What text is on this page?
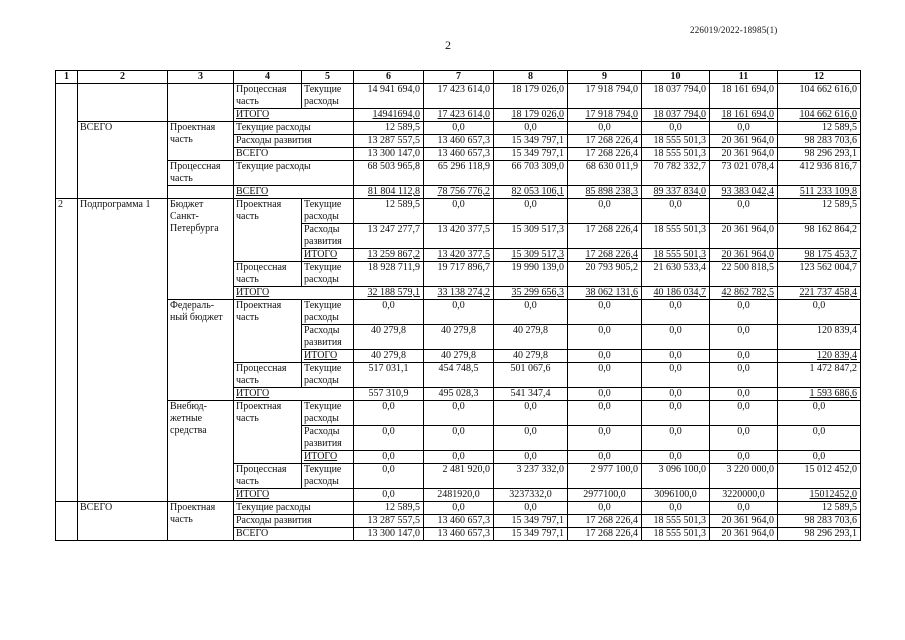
226019/2022-18985(1)
2
1	2	3	4	5	6	7	8	9	10	11	12
			Процессная часть	Текущие расходы	14 941 694,0	17 423 614,0	18 179 026,0	17 918 794,0	18 037 794,0	18 161 694,0	104 662 616,0
			ИТОГО		14941694,0	17 423 614,0	18 179 026,0	17 918 794,0	18 037 794,0	18 161 694,0	104 662 616,0
	ВСЕГО	Проектная часть	Текущие расходы		12 589,5	0,0	0,0	0,0	0,0	0,0	12 589,5
			Расходы развития		13 287 557,5	13 460 657,3	15 349 797,1	17 268 226,4	18 555 501,3	20 361 964,0	98 283 703,6
			ВСЕГО		13 300 147,0	13 460 657,3	15 349 797,1	17 268 226,4	18 555 501,3	20 361 964,0	98 296 293,1
		Процессная часть	Текущие расходы		68 503 965,8	65 296 118,9	66 703 309,0	68 630 011,9	70 782 332,7	73 021 078,4	412 936 816,7
			ВСЕГО		81 804 112,8	78 756 776,2	82 053 106,1	85 898 238,3	89 337 834,0	93 383 042,4	511 233 109,8
2	Подпрограмма 1	Бюджет Санкт-Петербурга	Проектная часть	Текущие расходы	12 589,5	0,0	0,0	0,0	0,0	0,0	12 589,5
				Расходы развития	13 247 277,7	13 420 377,5	15 309 517,3	17 268 226,4	18 555 501,3	20 361 964,0	98 162 864,2
				ИТОГО	13 259 867,2	13 420 377,5	15 309 517,3	17 268 226,4	18 555 501,3	20 361 964,0	98 175 453,7
			Процессная часть	Текущие расходы	18 928 711,9	19 717 896,7	19 990 139,0	20 793 905,2	21 630 533,4	22 500 818,5	123 562 004,7
			ИТОГО		32 188 579,1	33 138 274,2	35 299 656,3	38 062 131,6	40 186 034,7	42 862 782,5	221 737 458,4
		Федераль-ный бюджет	Проектная часть	Текущие расходы	0,0	0,0	0,0	0,0	0,0	0,0	0,0
				Расходы развития	40 279,8	40 279,8	40 279,8	0,0	0,0	0,0	120 839,4
				ИТОГО	40 279,8	40 279,8	40 279,8	0,0	0,0	0,0	120 839,4
			Процессная часть	Текущие расходы	517 031,1	454 748,5	501 067,6	0,0	0,0	0,0	1 472 847,2
			ИТОГО		557 310,9	495 028,3	541 347,4	0,0	0,0	0,0	1 593 686,6
		Внебюд-жетные средства	Проектная часть	Текущие расходы	0,0	0,0	0,0	0,0	0,0	0,0	0,0
				Расходы развития	0,0	0,0	0,0	0,0	0,0	0,0	0,0
				ИТОГО	0,0	0,0	0,0	0,0	0,0	0,0	0,0
			Процессная часть	Текущие расходы	0,0	2 481 920,0	3 237 332,0	2 977 100,0	3 096 100,0	3 220 000,0	15 012 452,0
			ИТОГО		0,0	2481920,0	3237332,0	2977100,0	3096100,0	3220000,0	15012452,0
	ВСЕГО	Проектная часть	Текущие расходы		12 589,5	0,0	0,0	0,0	0,0	0,0	12 589,5
			Расходы развития		13 287 557,5	13 460 657,3	15 349 797,1	17 268 226,4	18 555 501,3	20 361 964,0	98 283 703,6
			ВСЕГО		13 300 147,0	13 460 657,3	15 349 797,1	17 268 226,4	18 555 501,3	20 361 964,0	98 296 293,1
